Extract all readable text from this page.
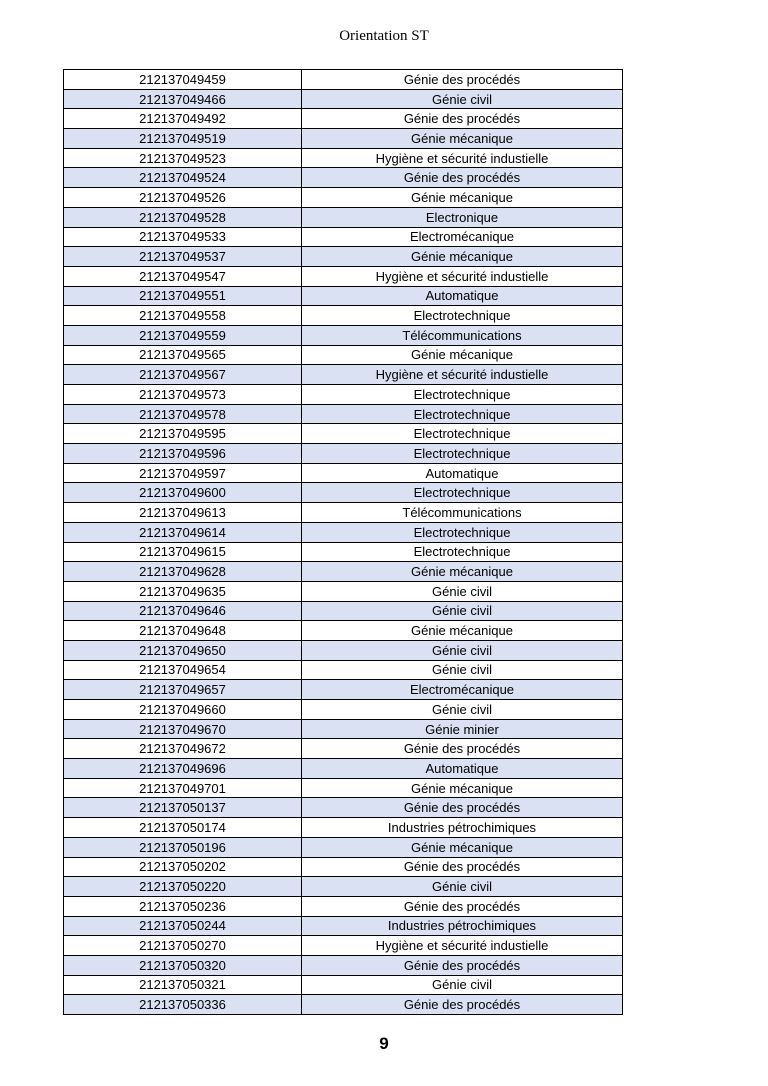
Orientation ST
212137049459	Génie des procédés
212137049466	Génie civil
212137049492	Génie des procédés
212137049519	Génie mécanique
212137049523	Hygiène et sécurité industielle
212137049524	Génie des procédés
212137049526	Génie mécanique
212137049528	Electronique
212137049533	Electromécanique
212137049537	Génie mécanique
212137049547	Hygiène et sécurité industielle
212137049551	Automatique
212137049558	Electrotechnique
212137049559	Télécommunications
212137049565	Génie mécanique
212137049567	Hygiène et sécurité industielle
212137049573	Electrotechnique
212137049578	Electrotechnique
212137049595	Electrotechnique
212137049596	Electrotechnique
212137049597	Automatique
212137049600	Electrotechnique
212137049613	Télécommunications
212137049614	Electrotechnique
212137049615	Electrotechnique
212137049628	Génie mécanique
212137049635	Génie civil
212137049646	Génie civil
212137049648	Génie mécanique
212137049650	Génie civil
212137049654	Génie civil
212137049657	Electromécanique
212137049660	Génie civil
212137049670	Génie minier
212137049672	Génie des procédés
212137049696	Automatique
212137049701	Génie mécanique
212137050137	Génie des procédés
212137050174	Industries pétrochimiques
212137050196	Génie mécanique
212137050202	Génie des procédés
212137050220	Génie civil
212137050236	Génie des procédés
212137050244	Industries pétrochimiques
212137050270	Hygiène et sécurité industielle
212137050320	Génie des procédés
212137050321	Génie civil
212137050336	Génie des procédés
9
